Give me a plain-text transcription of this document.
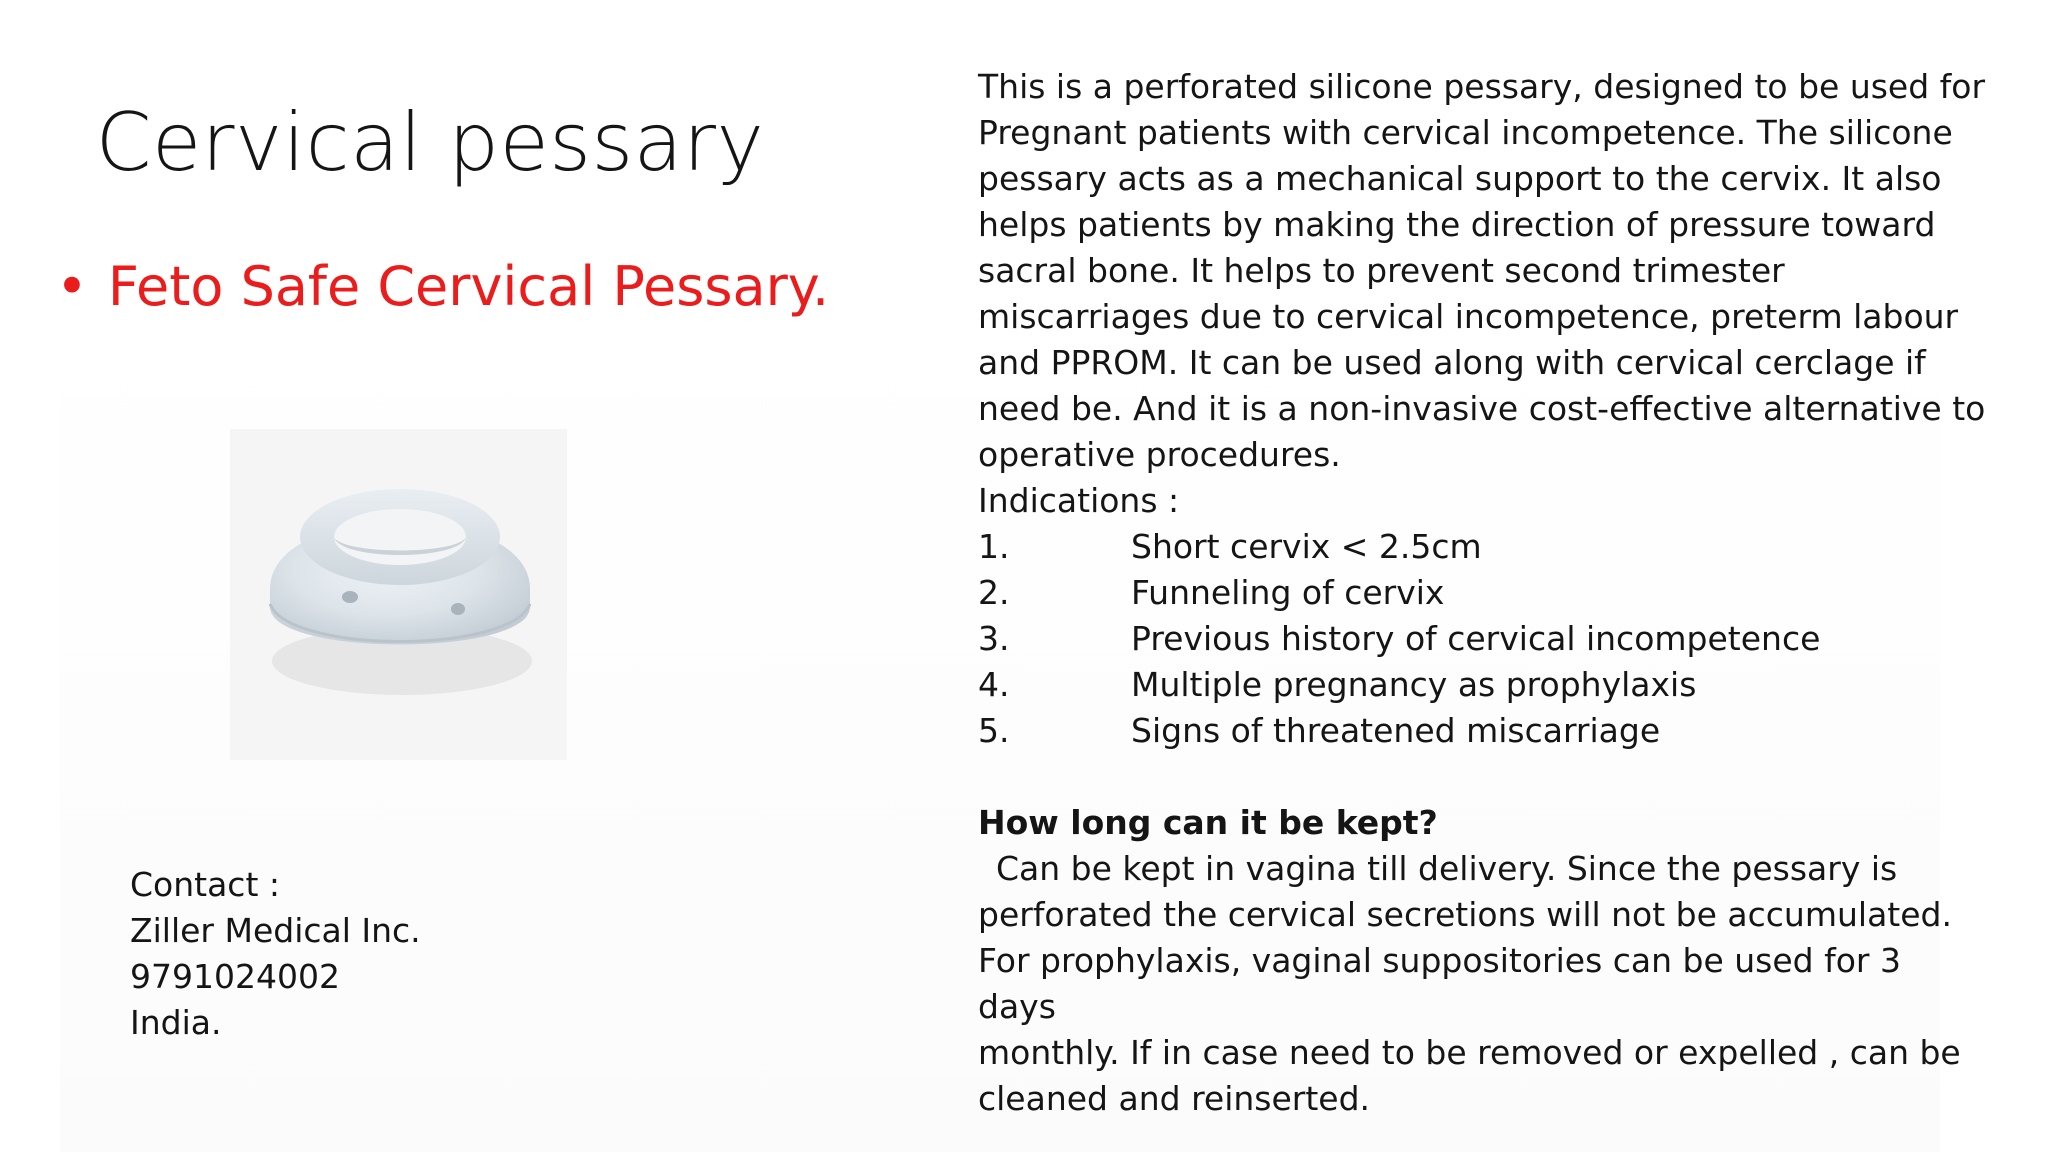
Cervical pessary
• Feto Safe Cervical Pessary.
Contact :
Ziller Medical Inc.
9791024002
India.

This is a perforated silicone pessary, designed to be used for

Pregnant patients with cervical incompetence. The silicone

pessary acts as a mechanical support to the cervix. It also

helps patients by making the direction of pressure toward

sacral bone. It helps to prevent second trimester

miscarriages due to cervical incompetence, preterm labour

and PPROM. It can be used along with cervical cerclage if

need be. And it is a non-invasive cost-effective alternative to

operative procedures.

Indications :

1.	Short cervix < 2.5cm
2.	Funneling of cervix
3.	Previous history of cervical incompetence
4.	Multiple pregnancy as prophylaxis
5.	Signs of threatened miscarriage

How long can it be kept?

Can be kept in vagina till delivery. Since the pessary is

perforated the cervical secretions will not be accumulated.

For prophylaxis, vaginal suppositories can be used for 3 days

monthly. If in case need to be removed or expelled , can be

cleaned and reinserted.
